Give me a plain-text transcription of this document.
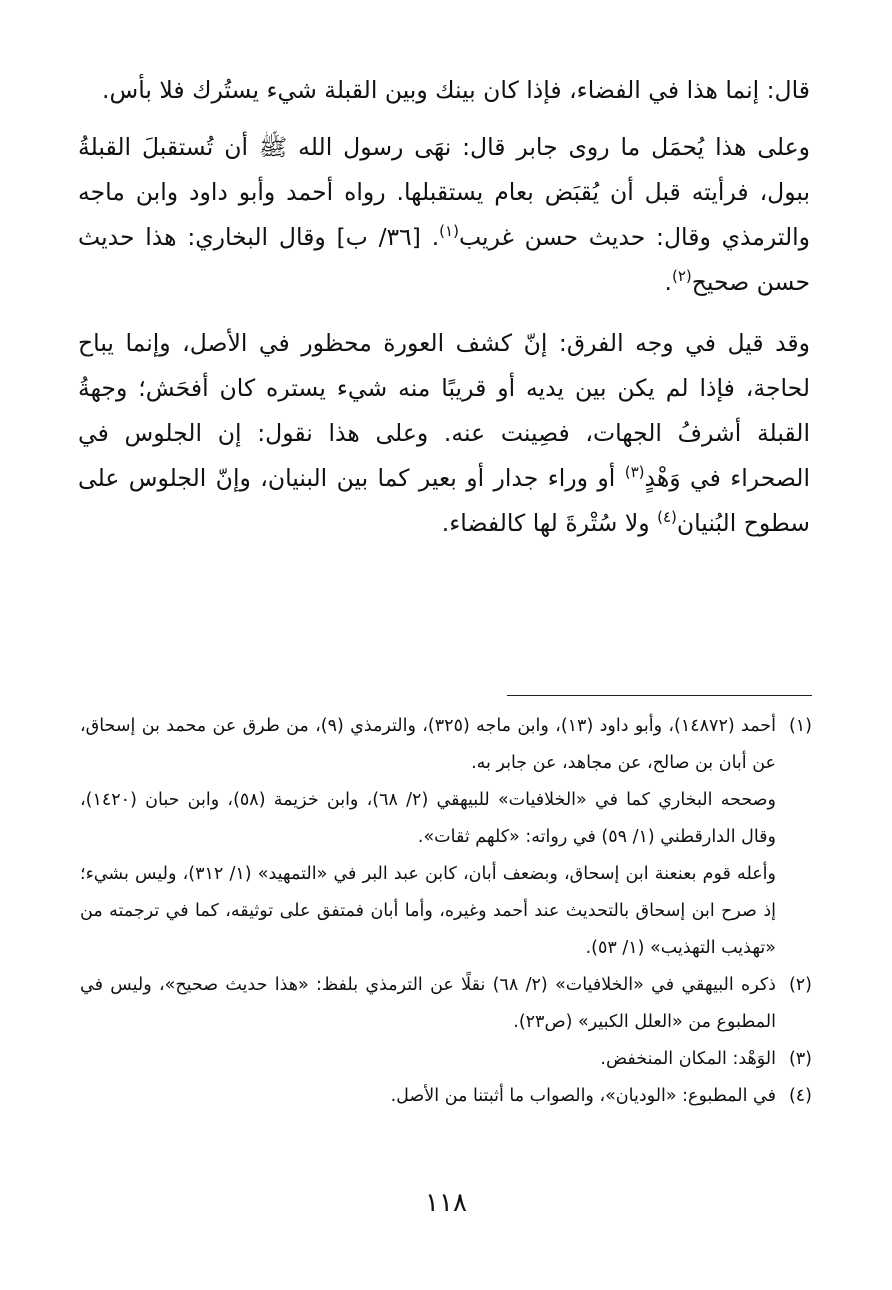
قال: إنما هذا في الفضاء، فإذا كان بينك وبين القبلة شيء يستُرك فلا بأس.

وعلى هذا يُحمَل ما روى جابر قال: نهَى رسول الله ﷺ أن تُستقبلَ القبلةُ ببول، فرأيته قبل أن يُقبَض بعام يستقبلها. رواه أحمد وأبو داود وابن ماجه والترمذي وقال: حديث حسن غريب$^{(١)}$. [٣٦/ ب] وقال البخاري: هذا حديث حسن صحيح$^{(٢)}$.

وقد قيل في وجه الفرق: إنّ كشف العورة محظور في الأصل، وإنما يباح لحاجة، فإذا لم يكن بين يديه أو قريبًا منه شيء يستره كان أفحَش؛ وجهةُ القبلة أشرفُ الجهات، فصِينت عنه. وعلى هذا نقول: إن الجلوس في الصحراء في وَهْدٍ$^{(٣)}$ أو وراء جدار أو بعير كما بين البنيان، وإنّ الجلوس على سطوح البُنيان$^{(٤)}$ ولا سُتْرةَ لها كالفضاء.

(١)

أحمد (١٤٨٧٢)، وأبو داود (١٣)، وابن ماجه (٣٢٥)، والترمذي (٩)، من طرق عن محمد بن إسحاق، عن أبان بن صالح، عن مجاهد، عن جابر به.

وصححه البخاري كما في «الخلافيات» للبيهقي (٢/ ٦٨)، وابن خزيمة (٥٨)، وابن حبان (١٤٢٠)، وقال الدارقطني (١/ ٥٩) في رواته: «كلهم ثقات».

وأعله قوم بعنعنة ابن إسحاق، وبضعف أبان، كابن عبد البر في «التمهيد» (١/ ٣١٢)، وليس بشيء؛ إذ صرح ابن إسحاق بالتحديث عند أحمد وغيره، وأما أبان فمتفق على توثيقه، كما في ترجمته من «تهذيب التهذيب» (١/ ٥٣).

(٢)

ذكره البيهقي في «الخلافيات» (٢/ ٦٨) نقلًا عن الترمذي بلفظ: «هذا حديث صحيح»، وليس في المطبوع من «العلل الكبير» (ص٢٣).

(٣)

الوَهْد: المكان المنخفض.

(٤)

في المطبوع: «الوديان»، والصواب ما أثبتنا من الأصل.

١١٨
